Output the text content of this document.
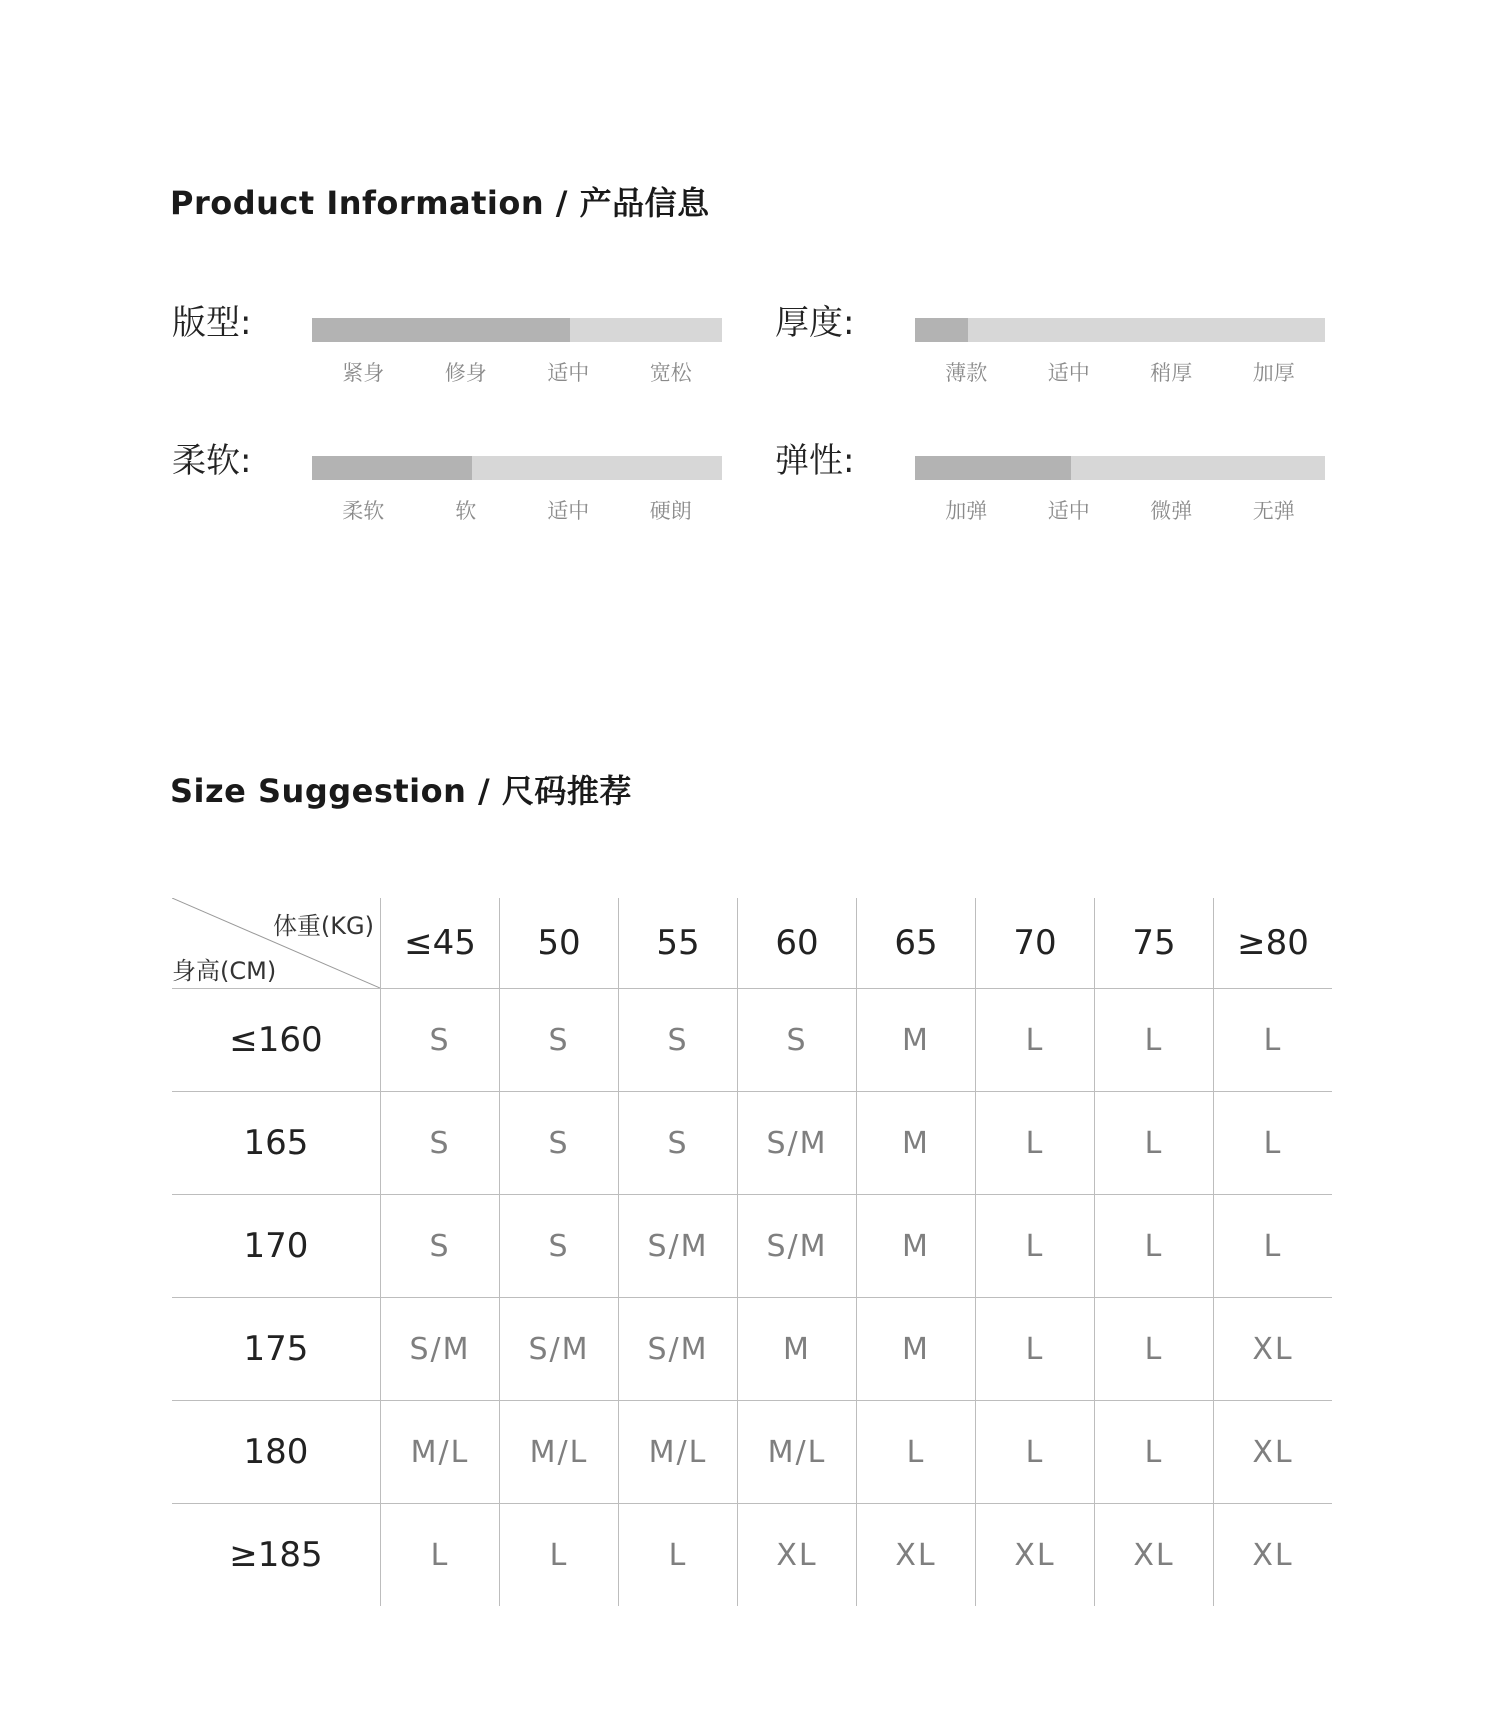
Product Information / 产品信息
版型:
紧身	修身	适中	宽松
厚度:
薄款	适中	稍厚	加厚
柔软:
柔软	软	适中	硬朗
弹性:
加弹	适中	微弹	无弹
Size Suggestion / 尺码推荐
体重(KG)
身高(CM)	≤45	50	55	60	65	70	75	≥80
≤160	S	S	S	S	M	L	L	L
165	S	S	S	S/M	M	L	L	L
170	S	S	S/M	S/M	M	L	L	L
175	S/M	S/M	S/M	M	M	L	L	XL
180	M/L	M/L	M/L	M/L	L	L	L	XL
≥185	L	L	L	XL	XL	XL	XL	XL
